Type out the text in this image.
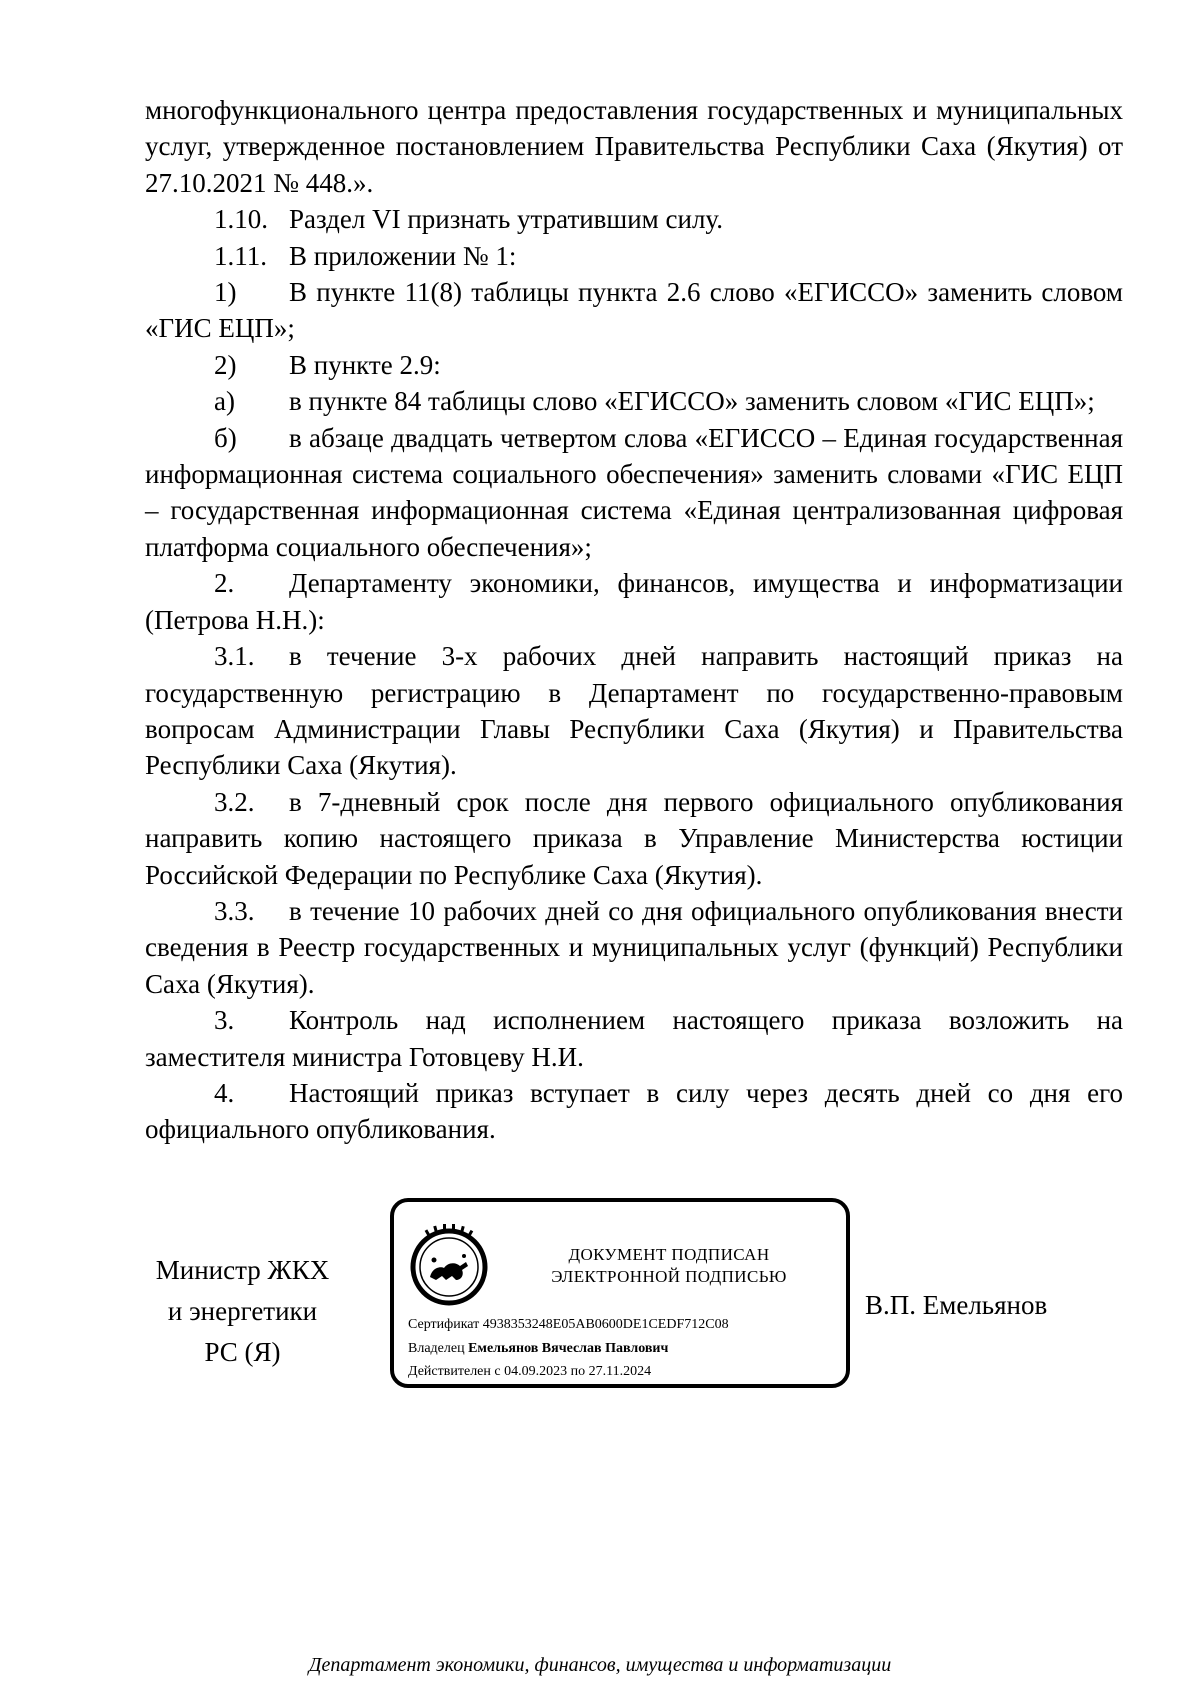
многофункционального центра предоставления государственных и муниципальных услуг, утвержденное постановлением Правительства Республики Саха (Якутия) от 27.10.2021 № 448.».

1.10. Раздел VI признать утратившим силу.

1.11. В приложении № 1:

1) В пункте 11(8) таблицы пункта 2.6 слово «ЕГИССО» заменить словом «ГИС ЕЦП»;

2) В пункте 2.9:

а) в пункте 84 таблицы слово «ЕГИССО» заменить словом «ГИС ЕЦП»;

б) в абзаце двадцать четвертом слова «ЕГИССО – Единая государственная информационная система социального обеспечения» заменить словами «ГИС ЕЦП – государственная информационная система «Единая централизованная цифровая платформа социального обеспечения»;

2. Департаменту экономики, финансов, имущества и информатизации (Петрова Н.Н.):

3.1. в течение 3-х рабочих дней направить настоящий приказ на государственную регистрацию в Департамент по государственно-правовым вопросам Администрации Главы Республики Саха (Якутия) и Правительства Республики Саха (Якутия).

3.2. в 7-дневный срок после дня первого официального опубликования направить копию настоящего приказа в Управление Министерства юстиции Российской Федерации по Республике Саха (Якутия).

3.3. в течение 10 рабочих дней со дня официального опубликования внести сведения в Реестр государственных и муниципальных услуг (функций) Республики Саха (Якутия).

3. Контроль над исполнением настоящего приказа возложить на заместителя министра Готовцеву Н.И.

4. Настоящий приказ вступает в силу через десять дней со дня его официального опубликования.

Министр ЖКХ
и энергетики
РС (Я)
ДОКУМЕНТ ПОДПИСАН
ЭЛЕКТРОННОЙ ПОДПИСЬЮ
Сертификат 4938353248E05AB0600DE1CEDF712C08
Владелец Емельянов Вячеслав Павлович
Действителен с 04.09.2023 по 27.11.2024
В.П. Емельянов
Департамент экономики, финансов, имущества и информатизации
